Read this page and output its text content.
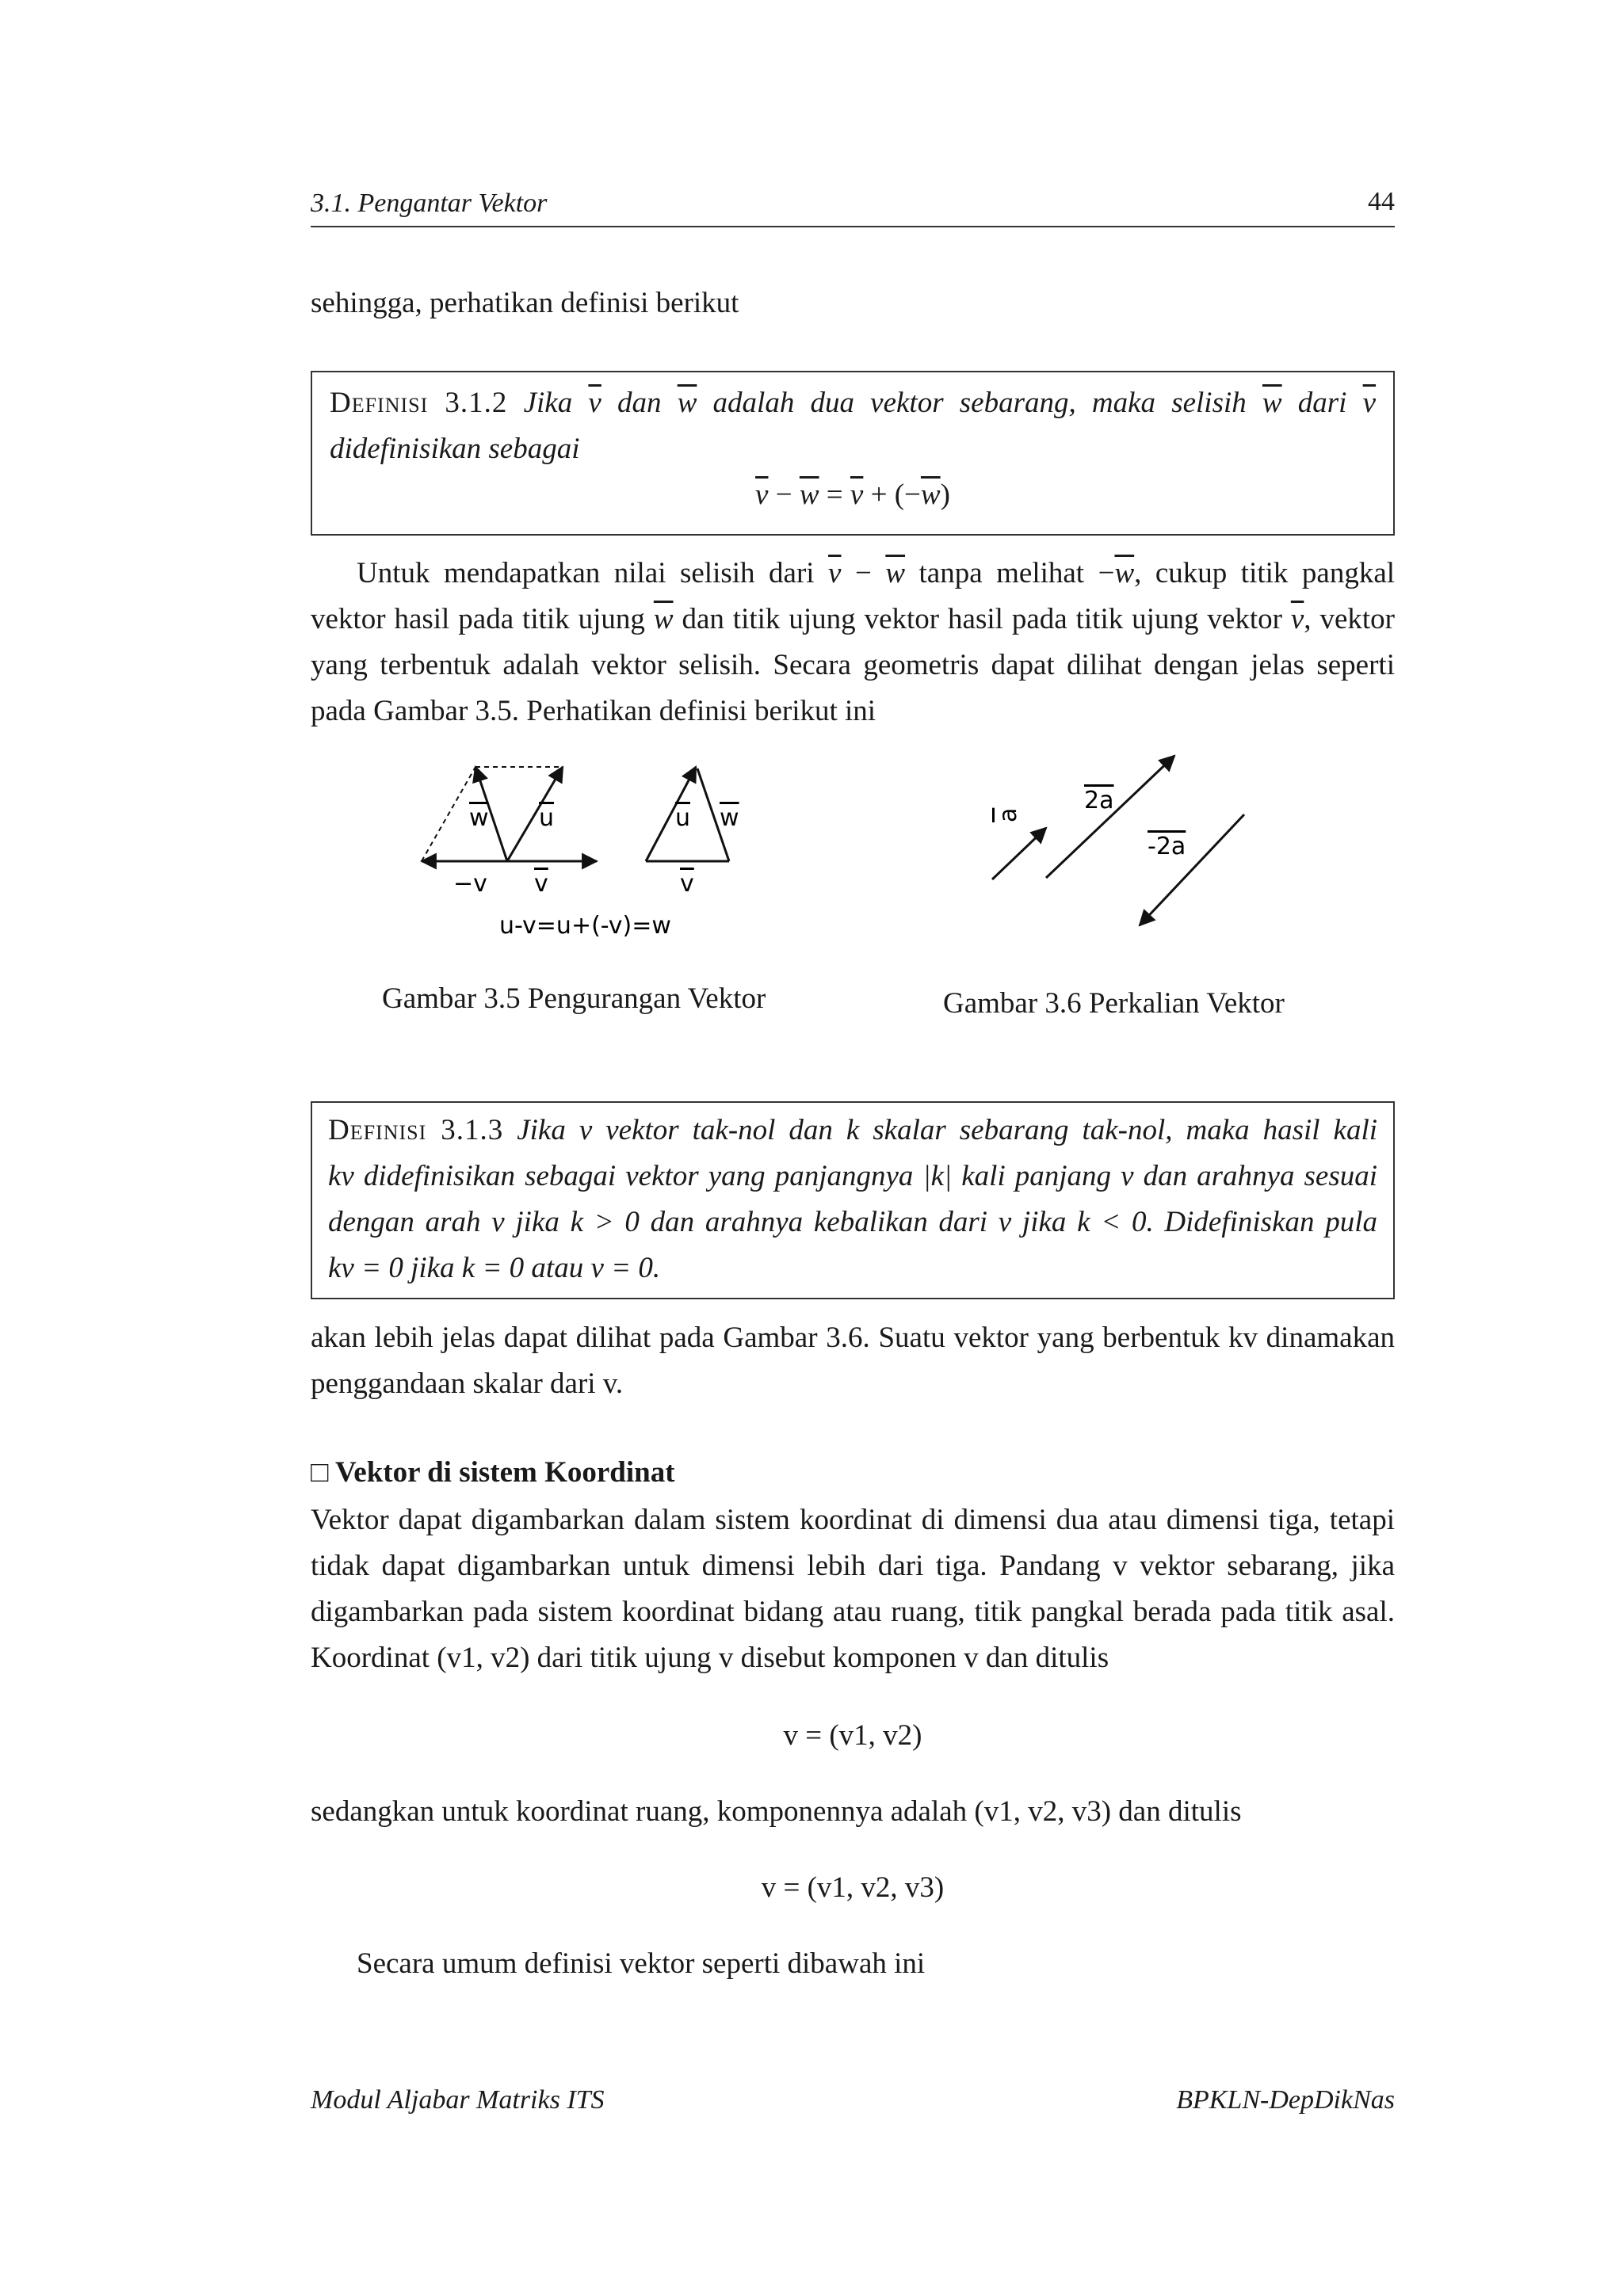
3.1. Pengantar Vektor	44
sehingga, perhatikan definisi berikut
Definisi 3.1.2 Jika $\overline{v}$ dan $\overline{w}$ adalah dua vektor sebarang, maka selisih $\overline{w}$ dari $\overline{v}$
didefinisikan sebagai
$\overline{v} - \overline{w} = \overline{v} + (-\overline{w})$
Untuk mendapatkan nilai selisih dari $\overline{v} - \overline{w}$ tanpa melihat $-\overline{w}$, cukup titik pangkal
vektor hasil pada titik ujung $\overline{w}$ dan titik ujung vektor hasil pada titik ujung vektor $\overline{v}$, vektor
yang terbentuk adalah vektor selisih. Secara geometris dapat dilihat dengan jelas seperti
pada Gambar 3.5. Perhatikan definisi berikut ini
w u
−v v
u w
v
u-v=u+(-v)=w
Gambar 3.5 Pengurangan Vektor
a
2a
-2a
Gambar 3.6 Perkalian Vektor
Definisi 3.1.3 Jika v vektor tak-nol dan k skalar sebarang tak-nol, maka hasil kali
kv didefinisikan sebagai vektor yang panjangnya |k| kali panjang v dan arahnya sesuai
dengan arah v jika k > 0 dan arahnya kebalikan dari v jika k < 0. Didefiniskan pula
kv = 0 jika k = 0 atau v = 0.
akan lebih jelas dapat dilihat pada Gambar 3.6. Suatu vektor yang berbentuk kv dinamakan
penggandaan skalar dari v.
□ Vektor di sistem Koordinat
Vektor dapat digambarkan dalam sistem koordinat di dimensi dua atau dimensi tiga, tetapi
tidak dapat digambarkan untuk dimensi lebih dari tiga. Pandang v vektor sebarang, jika
digambarkan pada sistem koordinat bidang atau ruang, titik pangkal berada pada titik asal.
Koordinat (v1, v2) dari titik ujung v disebut komponen v dan ditulis
v = (v1, v2)
sedangkan untuk koordinat ruang, komponennya adalah (v1, v2, v3) dan ditulis
v = (v1, v2, v3)
Secara umum definisi vektor seperti dibawah ini
Modul Aljabar Matriks ITS	BPKLN-DepDikNas
